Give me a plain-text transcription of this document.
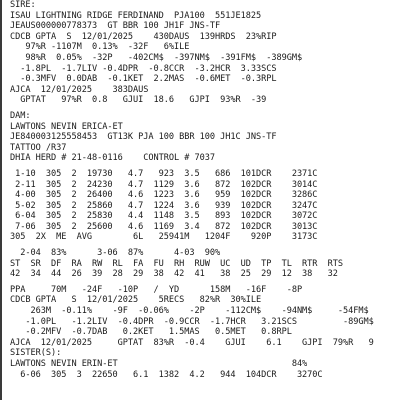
SIRE:
ISAU LIGHTNING RIDGE FERDINAND  PJA100  551JE1825
JEAUS000000778373  GT BBR 100 JH1F JNS-TF
CDCB GPTA  S  12/01/2025    430DAUS  139HRDS  23%RIP
97%R -1107M  0.13%  -32F   6%ILE
98%R  0.05%  -32P   -402CM$  -397NM$  -391FM$  -389GM$
-1.8PL  -1.7LIV -0.4DPR  -0.8CCR  -3.2HCR  3.33SCS
-0.3MFV  0.0DAB  -0.1KET  2.2MAS  -0.6MET  -0.3RPL
AJCA  12/01/2025    383DAUS
GPTAT   97%R  0.8   GJUI  18.6   GJPI  93%R  -39
DAM:
LAWTONS NEVIN ERICA-ET
JE840003125558453  GT13K PJA 100 BBR 100 JH1C JNS-TF
TATTOO /R37
DHIA HERD # 21-48-0116    CONTROL # 7037
1-10  305  2  19730   4.7   923  3.5   686  101DCR    2371C
2-11  305  2  24230   4.7  1129  3.6   872  102DCR    3014C
4-00  305  2  26400   4.6  1223  3.6   959  102DCR    3286C
5-02  305  2  25860   4.7  1224  3.6   939  102DCR    3247C
6-04  305  2  25830   4.4  1148  3.5   893  102DCR    3072C
7-06  305  2  25600   4.6  1169  3.4   872  102DCR    3013C
305  2X  ME  AVG        6L   25941M   1204F    920P    3173C
2-04  83%      3-06  87%      4-03  90%
ST  SR  DF  RA  RW  RL  FA  FU  RH  RUW  UC  UD  TP  TL  RTR  RTS
42  34  44  26  39  28  29  38  42  41   38  25  29  12  38   32
PPA     70M   -24F   -10P   /  YD      158M   -16F    -8P
CDCB GPTA   S  12/01/2025    5RECS   82%R  30%ILE
263M  -0.11%    -9F  -0.06%    -2P    -112CM$    -94NM$     -54FM$
-1.0PL   -1.2LIV  -0.4DPR  -0.9CCR  -1.7HCR   3.21SCS         -89GM$
-0.2MFV  -0.7DAB   0.2KET   1.5MAS   0.5MET   0.8RPL
AJCA  12/01/2025     GPTAT  83%R  -0.4    GJUI    6.1    GJPI  79%R   9
SISTER(S):
LAWTONS NEVIN ERIN-ET                                  84%
6-06  305  3  22650   6.1  1382  4.2   944  104DCR    3270C
